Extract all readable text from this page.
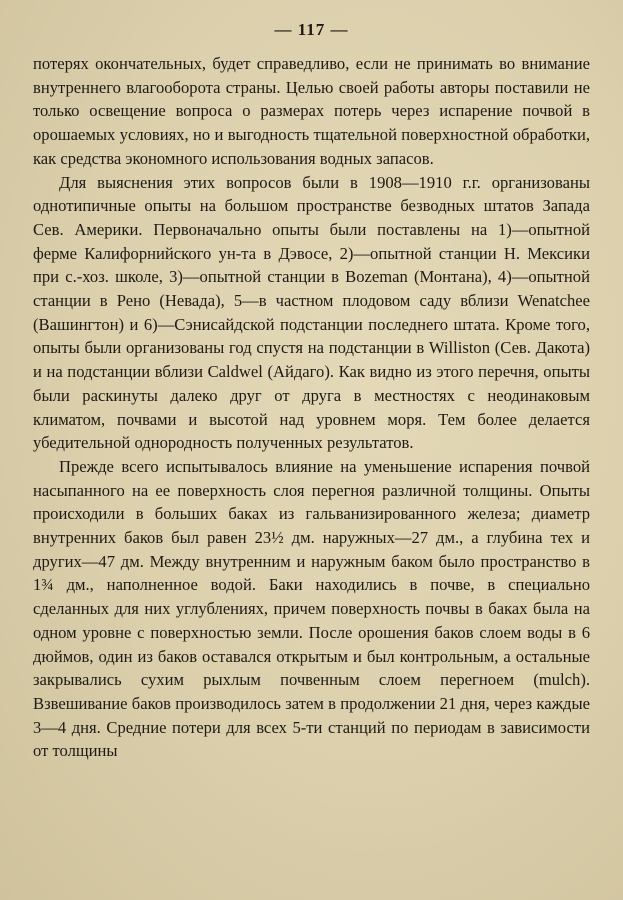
— 117 —

потерях окончательных, будет справедливо, если не принимать во внимание внутреннего влагооборота страны. Целью своей работы авторы поставили не только освещение вопроса о размерах потерь через испарение почвой в орошаемых условиях, но и выгодность тщательной поверхностной обработки, как средства экономного использования водных запасов.

Для выяснения этих вопросов были в 1908—1910 г.г. организованы однотипичные опыты на большом пространстве безводных штатов Запада Сев. Америки. Первоначально опыты были поставлены на 1)—опытной ферме Калифорнийского ун-та в Дэвосе, 2)—опытной станции Н. Мексики при с.-хоз. школе, 3)—опытной станции в Bozeman (Монтана), 4)—опытной станции в Рено (Невада), 5—в частном плодовом саду вблизи Wenatchee (Вашингтон) и 6)—Сэнисайдской подстанции последнего штата. Кроме того, опыты были организованы год спустя на подстанции в Williston (Сев. Дакота) и на подстанции вблизи Caldwel (Айдаго). Как видно из этого перечня, опыты были раскинуты далеко друг от друга в местностях с неодинаковым климатом, почвами и высотой над уровнем моря. Тем более делается убедительной однородность полученных результатов.

Прежде всего испытывалось влияние на уменьшение испарения почвой насыпанного на ее поверхность слоя перегноя различной толщины. Опыты происходили в больших баках из гальванизированного железа; диаметр внутренних баков был равен 23½ дм. наружных—27 дм., а глубина тех и других—47 дм. Между внутренним и наружным баком было пространство в 1¾ дм., наполненное водой. Баки находились в почве, в специально сделанных для них углублениях, причем поверхность почвы в баках была на одном уровне с поверхностью земли. После орошения баков слоем воды в 6 дюймов, один из баков оставался открытым и был контрольным, а остальные закрывались сухим рыхлым почвенным слоем перегноем (mulch). Взвешивание баков производилось затем в продолжении 21 дня, через каждые 3—4 дня. Средние потери для всех 5-ти станций по периодам в зависимости от толщины
